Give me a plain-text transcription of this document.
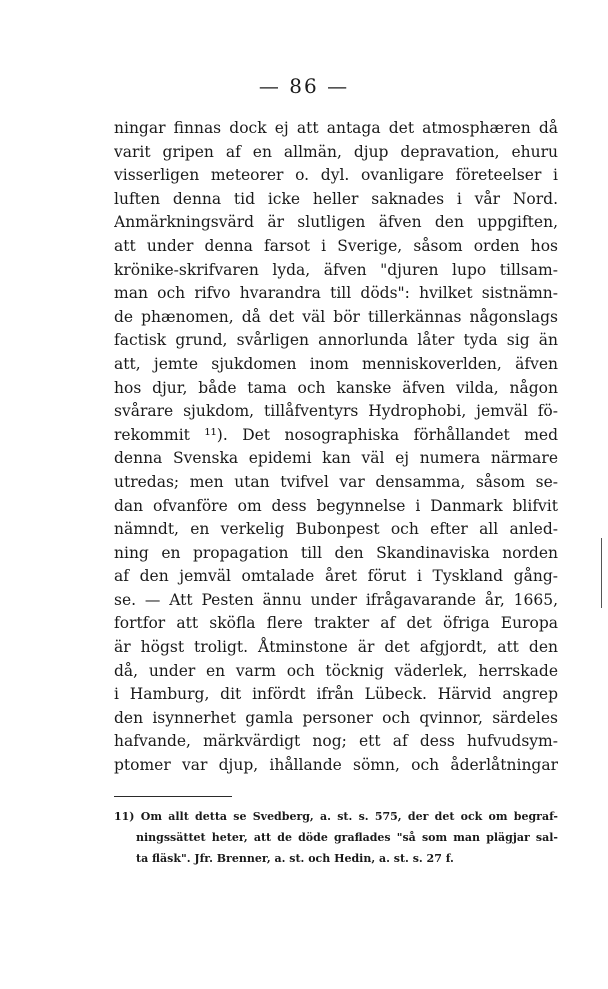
— 86 —
ningar finnas dock ej att antaga det atmosphæren då
varit gripen af en allmän, djup depravation, ehuru
visserligen meteorer o. dyl. ovanligare företeelser i
luften denna tid icke heller saknades i vår Nord.
Anmärkningsvärd är slutligen äfven den uppgiften,
att under denna farsot i Sverige, såsom orden hos
krönike-skrifvaren lyda, äfven "djuren lupo tillsam-
man och rifvo hvarandra till döds": hvilket sistnämn-
de phænomen, då det väl bör tillerkännas någonslags
factisk grund, svårligen annorlunda låter tyda sig än
att, jemte sjukdomen inom menniskoverlden, äfven
hos djur, både tama och kanske äfven vilda, någon
svårare sjukdom, tillåfventyrs Hydrophobi, jemväl fö-
rekommit ¹¹). Det nosographiska förhållandet med
denna Svenska epidemi kan väl ej numera närmare
utredas; men utan tvifvel var densamma, såsom se-
dan ofvanföre om dess begynnelse i Danmark blifvit
nämndt, en verkelig Bubonpest och efter all anled-
ning en propagation till den Skandinaviska norden
af den jemväl omtalade året förut i Tyskland gång-
se. — Att Pesten ännu under ifrågavarande år, 1665,
fortfor att sköfla flere trakter af det öfriga Europa
är högst troligt. Åtminstone är det afgjordt, att den
då, under en varm och töcknig väderlek, herrskade
i Hamburg, dit infördt ifrån Lübeck. Härvid angrep
den isynnerhet gamla personer och qvinnor, särdeles
hafvande, märkvärdigt nog; ett af dess hufvudsym-
ptomer var djup, ihållande sömn, och åderlåtningar
11) Om allt detta se Svedberg, a. st. s. 575, der det ock om begraf-
ningssättet heter, att de döde graflades "så som man plägjar sal-
ta fläsk". Jfr. Brenner, a. st. och Hedin, a. st. s. 27 f.
